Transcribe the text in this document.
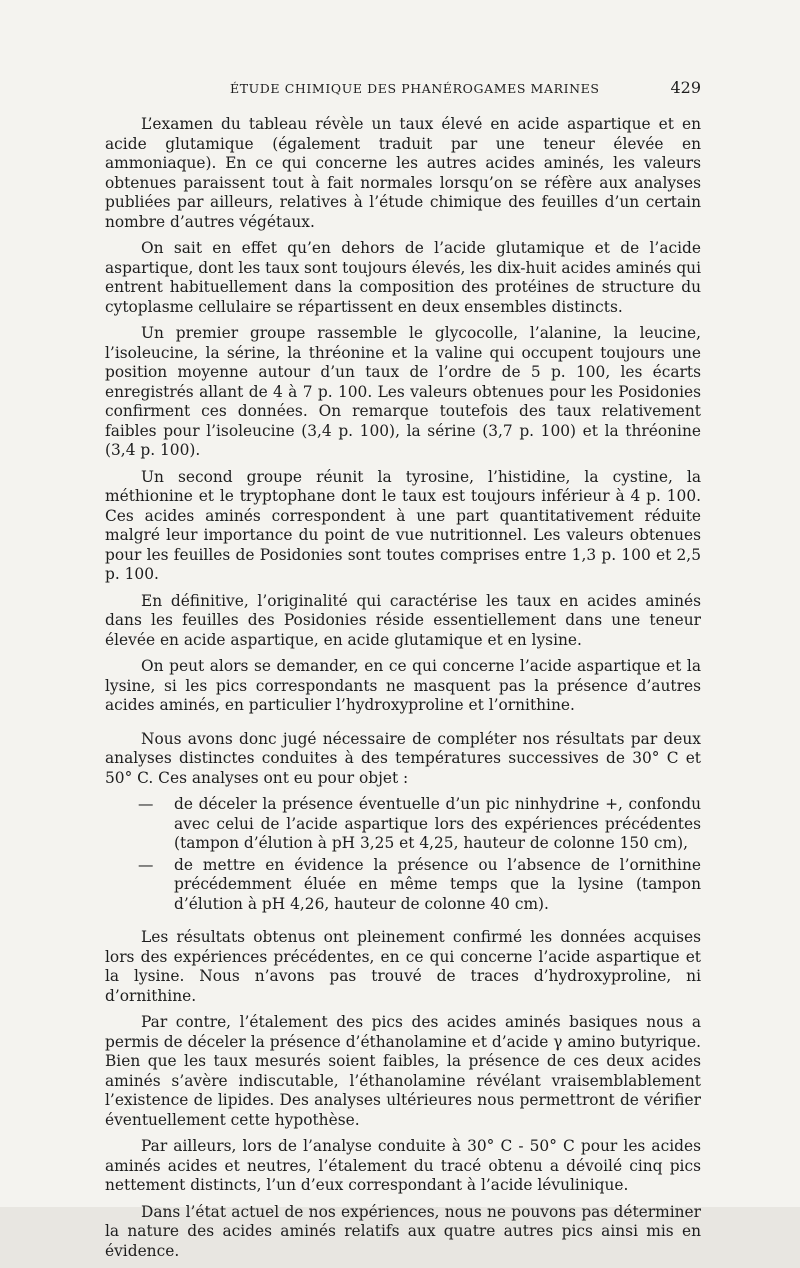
ÉTUDE CHIMIQUE DES PHANÉROGAMES MARINES	429

L’examen du tableau révèle un taux élevé en acide aspartique et en acide glutamique (également traduit par une teneur élevée en ammoniaque). En ce qui concerne les autres acides aminés, les valeurs obtenues paraissent tout à fait normales lorsqu’on se réfère aux analyses publiées par ailleurs, relatives à l’étude chimique des feuilles d’un certain nombre d’autres végétaux.

On sait en effet qu’en dehors de l’acide glutamique et de l’acide aspartique, dont les taux sont toujours élevés, les dix-huit acides aminés qui entrent habituellement dans la composition des protéines de structure du cytoplasme cellulaire se répartissent en deux ensembles distincts.

Un premier groupe rassemble le glycocolle, l’alanine, la leucine, l’isoleucine, la sérine, la thréonine et la valine qui occupent toujours une position moyenne autour d’un taux de l’ordre de 5 p. 100, les écarts enregistrés allant de 4 à 7 p. 100. Les valeurs obtenues pour les Posidonies confirment ces données. On remarque toutefois des taux relativement faibles pour l’isoleucine (3,4 p. 100), la sérine (3,7 p. 100) et la thréonine (3,4 p. 100).

Un second groupe réunit la tyrosine, l’histidine, la cystine, la méthionine et le tryptophane dont le taux est toujours inférieur à 4 p. 100. Ces acides aminés correspondent à une part quantitativement réduite malgré leur importance du point de vue nutritionnel. Les valeurs obtenues pour les feuilles de Posidonies sont toutes comprises entre 1,3 p. 100 et 2,5 p. 100.

En définitive, l’originalité qui caractérise les taux en acides aminés dans les feuilles des Posidonies réside essentiellement dans une teneur élevée en acide aspartique, en acide glutamique et en lysine.

On peut alors se demander, en ce qui concerne l’acide aspartique et la lysine, si les pics correspondants ne masquent pas la présence d’autres acides aminés, en particulier l’hydroxyproline et l’ornithine.

Nous avons donc jugé nécessaire de compléter nos résultats par deux analyses distinctes conduites à des températures successives de 30° C et 50° C. Ces analyses ont eu pour objet :

— de déceler la présence éventuelle d’un pic ninhydrine +, confondu avec celui de l’acide aspartique lors des expériences précédentes (tampon d’élution à pH 3,25 et 4,25, hauteur de colonne 150 cm),
— de mettre en évidence la présence ou l’absence de l’ornithine précédemment éluée en même temps que la lysine (tampon d’élution à pH 4,26, hauteur de colonne 40 cm).

Les résultats obtenus ont pleinement confirmé les données acquises lors des expériences précédentes, en ce qui concerne l’acide aspartique et la lysine. Nous n’avons pas trouvé de traces d’hydroxyproline, ni d’ornithine.

Par contre, l’étalement des pics des acides aminés basiques nous a permis de déceler la présence d’éthanolamine et d’acide γ amino butyrique. Bien que les taux mesurés soient faibles, la présence de ces deux acides aminés s’avère indiscutable, l’éthanolamine révélant vraisemblablement l’existence de lipides. Des analyses ultérieures nous permettront de vérifier éventuellement cette hypothèse.

Par ailleurs, lors de l’analyse conduite à 30° C - 50° C pour les acides aminés acides et neutres, l’étalement du tracé obtenu a dévoilé cinq pics nettement distincts, l’un d’eux correspondant à l’acide lévulinique.

Dans l’état actuel de nos expériences, nous ne pouvons pas déterminer la nature des acides aminés relatifs aux quatre autres pics ainsi mis en évidence.
